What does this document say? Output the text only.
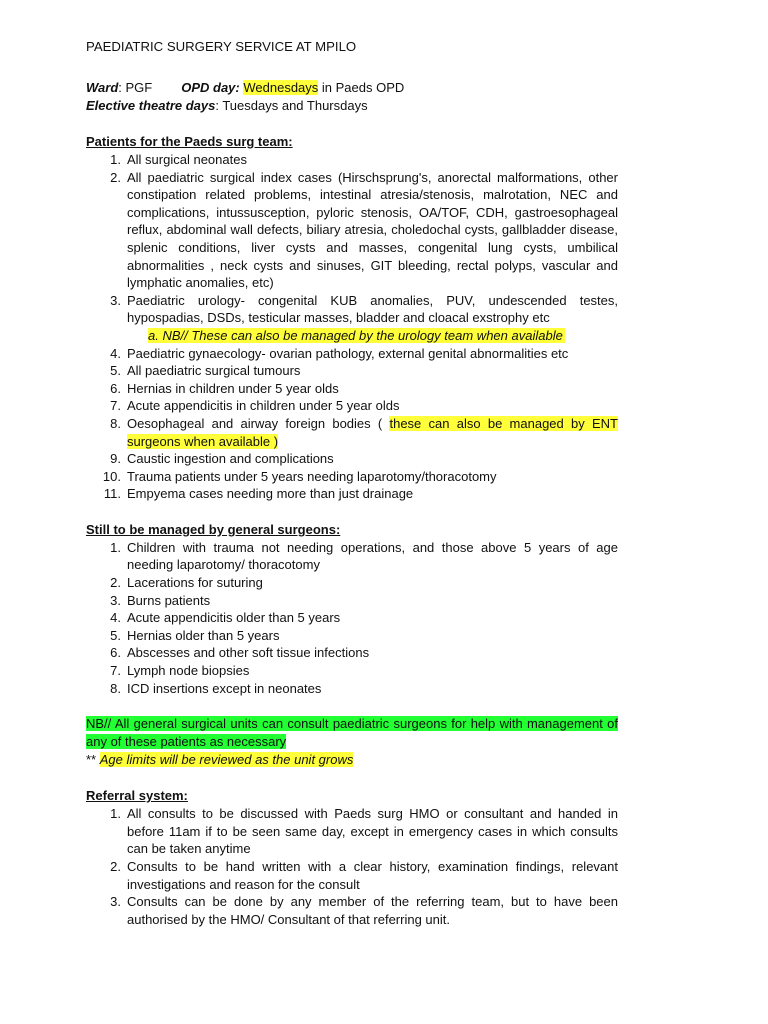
PAEDIATRIC SURGERY SERVICE AT MPILO

Ward: PGF OPD day: Wednesdays in Paeds OPD

Elective theatre days: Tuesdays and Thursdays

Patients for the Paeds surg team:

1. All surgical neonates
2. All paediatric surgical index cases (Hirschsprung's, anorectal malformations, other constipation related problems, intestinal atresia/stenosis, malrotation, NEC and complications, intussusception, pyloric stenosis, OA/TOF, CDH, gastroesophageal reflux, abdominal wall defects, biliary atresia, choledochal cysts, gallbladder disease, splenic conditions, liver cysts and masses, congenital lung cysts, umbilical abnormalities , neck cysts and sinuses, GIT bleeding, rectal polyps, vascular and lymphatic anomalies, etc)
3. Paediatric urology- congenital KUB anomalies, PUV, undescended testes, hypospadias, DSDs, testicular masses, bladder and cloacal exstrophy etc
a. NB// These can also be managed by the urology team when available
4. Paediatric gynaecology- ovarian pathology, external genital abnormalities etc
5. All paediatric surgical tumours
6. Hernias in children under 5 year olds
7. Acute appendicitis in children under 5 year olds
8. Oesophageal and airway foreign bodies ( these can also be managed by ENT surgeons when available )
9. Caustic ingestion and complications
10. Trauma patients under 5 years needing laparotomy/thoracotomy
11. Empyema cases needing more than just drainage

Still to be managed by general surgeons:

1. Children with trauma not needing operations, and those above 5 years of age needing laparotomy/ thoracotomy
2. Lacerations for suturing
3. Burns patients
4. Acute appendicitis older than 5 years
5. Hernias older than 5 years
6. Abscesses and other soft tissue infections
7. Lymph node biopsies
8. ICD insertions except in neonates

NB// All general surgical units can consult paediatric surgeons for help with management of any of these patients as necessary

** Age limits will be reviewed as the unit grows

Referral system:

1. All consults to be discussed with Paeds surg HMO or consultant and handed in before 11am if to be seen same day, except in emergency cases in which consults can be taken anytime
2. Consults to be hand written with a clear history, examination findings, relevant investigations and reason for the consult
3. Consults can be done by any member of the referring team, but to have been authorised by the HMO/ Consultant of that referring unit.
